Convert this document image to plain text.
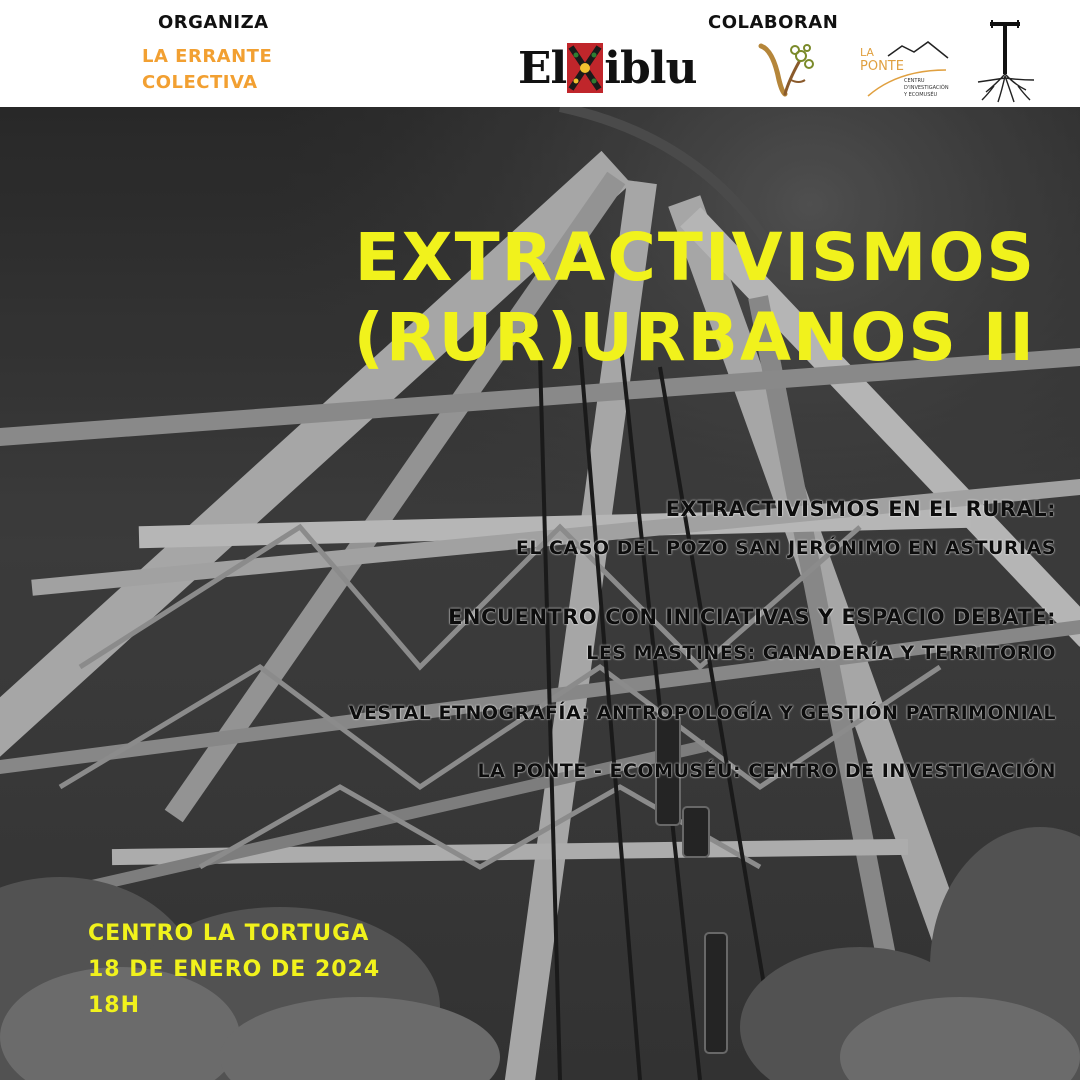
ORGANIZA
LA ERRANTE
COLECTIVA
COLABORAN
El iblu	LA
PONTE
CENTRU
D'INVESTIGACIÓN
Y ECOMUSÉU
EXTRACTIVISMOS
(RUR)URBANOS II
EXTRACTIVISMOS EN EL RURAL:
EL CASO DEL POZO SAN JERÓNIMO EN ASTURIAS
ENCUENTRO CON INICIATIVAS Y ESPACIO DEBATE:
LES MASTINES: GANADERÍA Y TERRITORIO
VESTAL ETNOGRAFÍA: ANTROPOLOGÍA Y GESTIÓN PATRIMONIAL
LA PONTE - ECOMUSÉU: CENTRO DE INVESTIGACIÓN
CENTRO LA TORTUGA
18 DE ENERO DE 2024
18H
